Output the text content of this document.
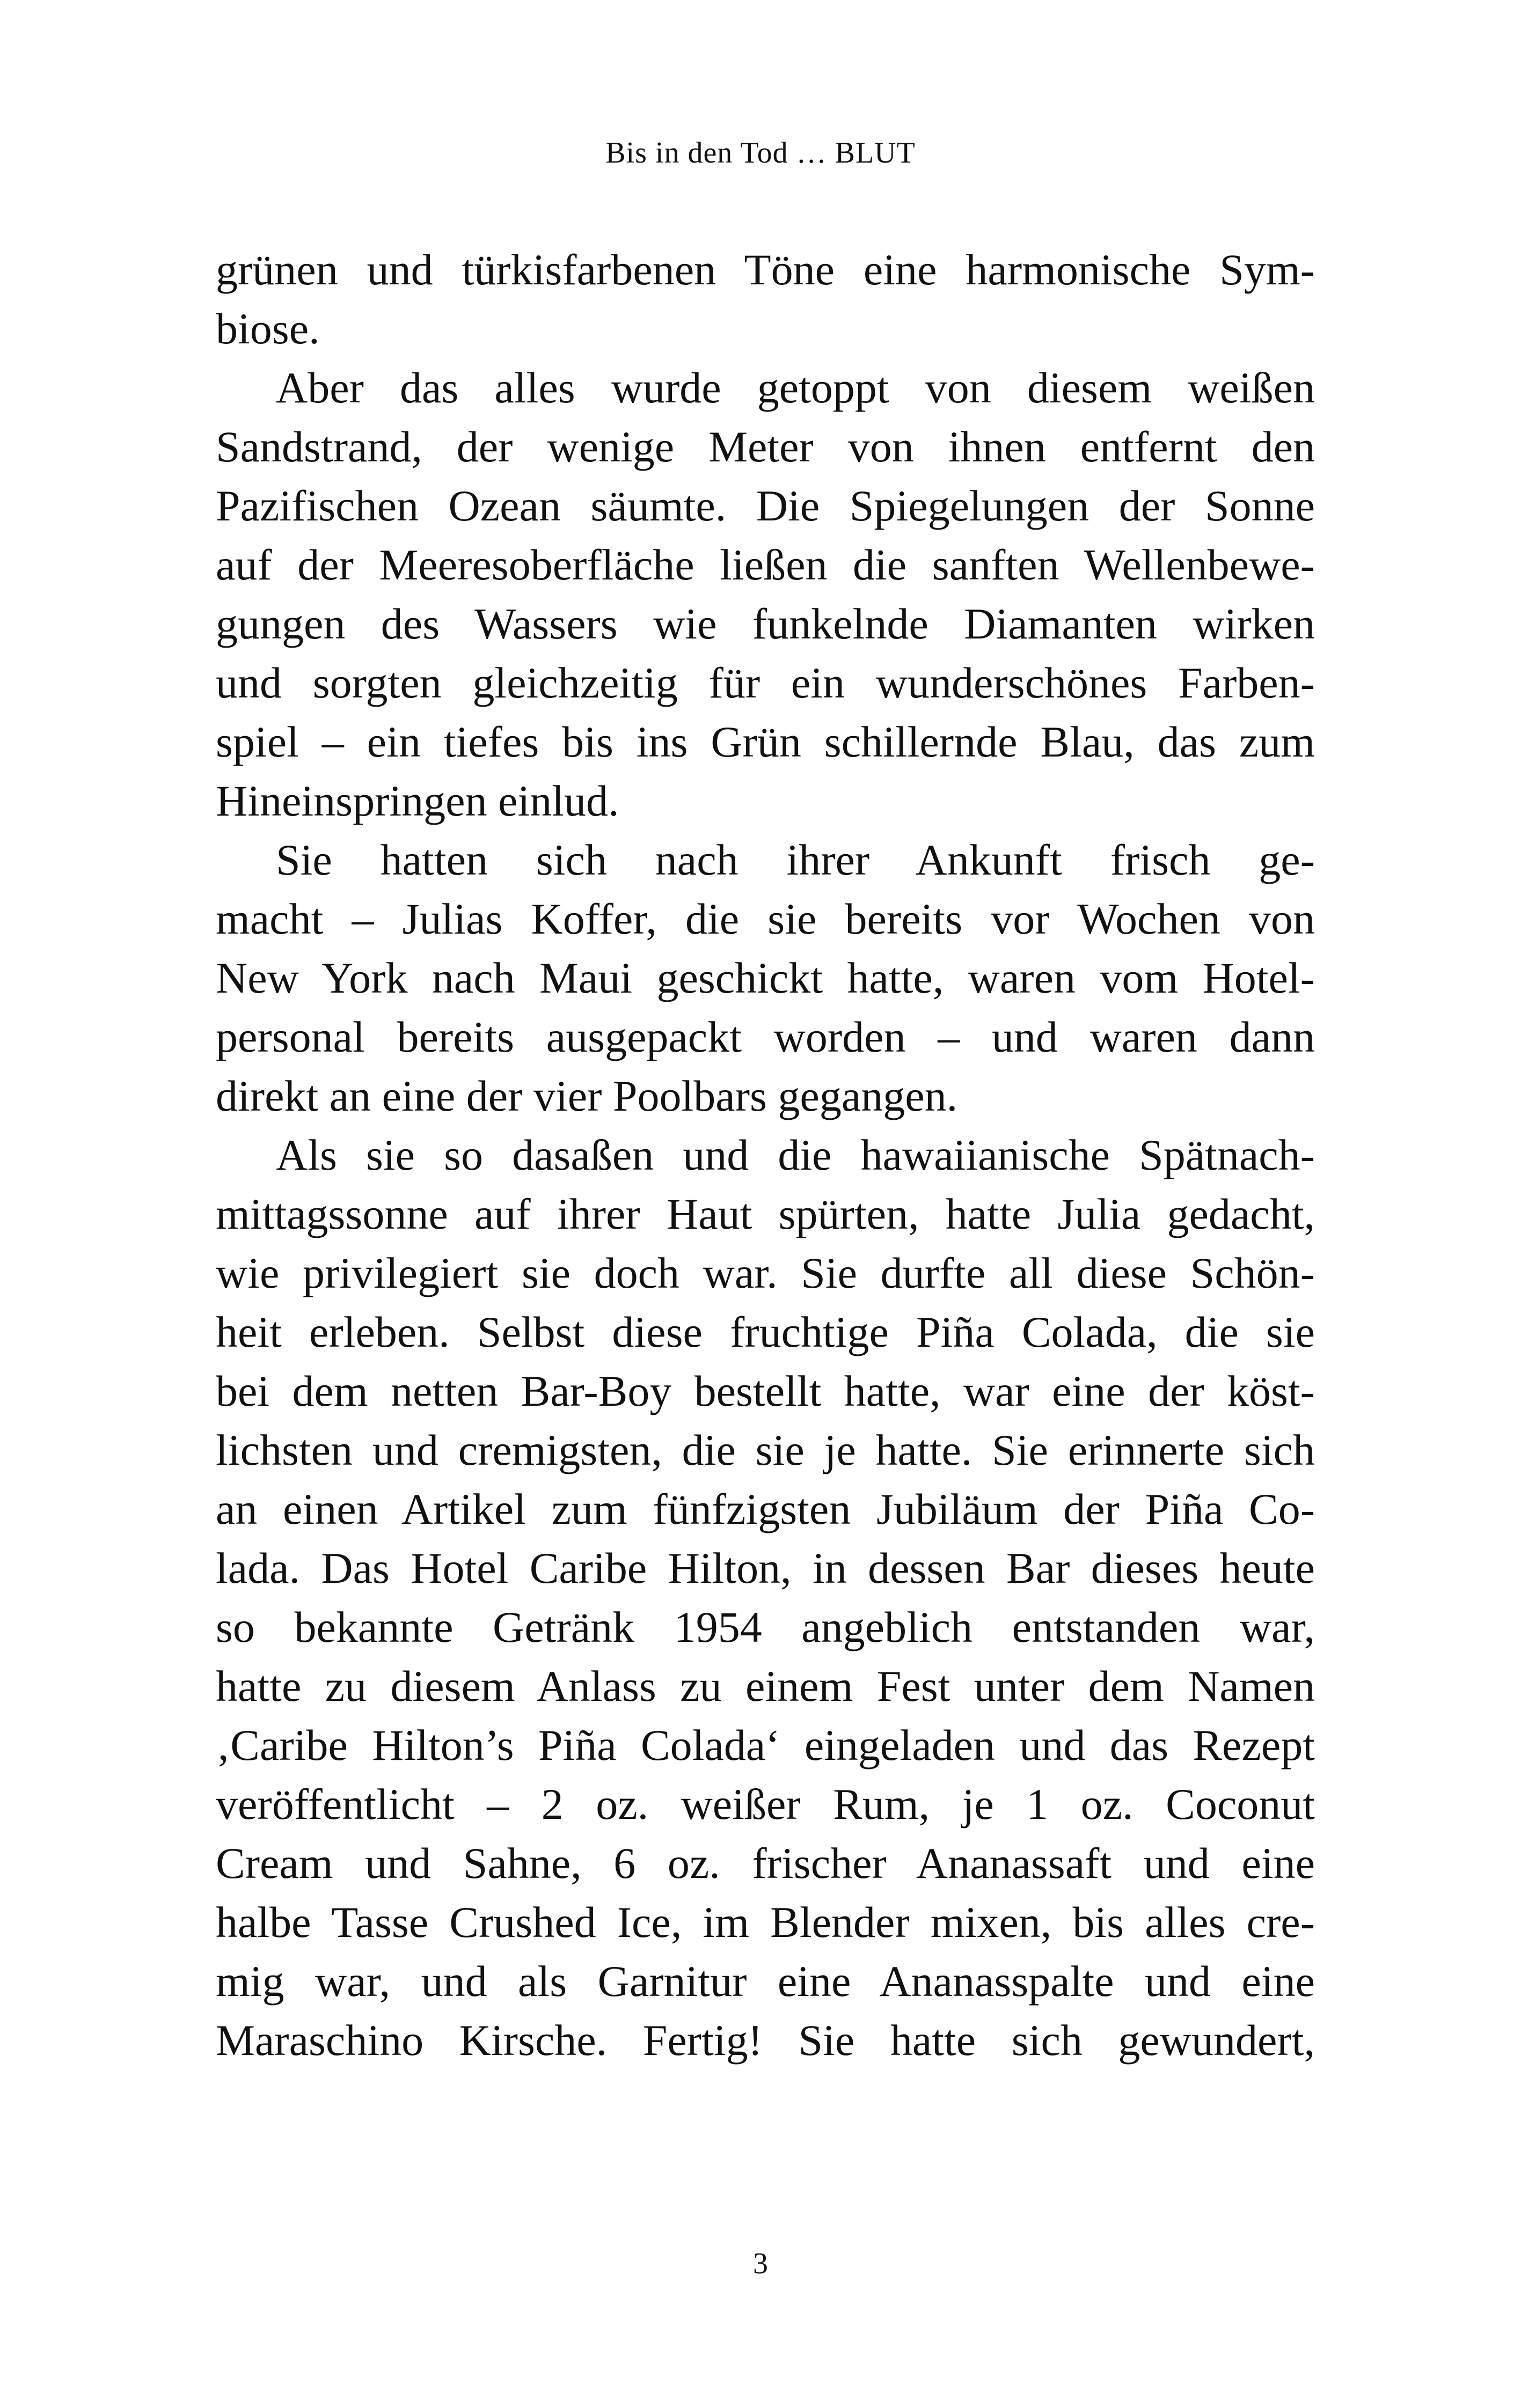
Bis in den Tod … BLUT
grünen und türkisfarbenen Töne eine harmonische Sym-
biose.
Aber das alles wurde getoppt von diesem weißen
Sandstrand, der wenige Meter von ihnen entfernt den
Pazifischen Ozean säumte. Die Spiegelungen der Sonne
auf der Meeresoberfläche ließen die sanften Wellenbewe-
gungen des Wassers wie funkelnde Diamanten wirken
und sorgten gleichzeitig für ein wunderschönes Farben-
spiel – ein tiefes bis ins Grün schillernde Blau, das zum
Hineinspringen einlud.
Sie hatten sich nach ihrer Ankunft frisch ge-
macht – Julias Koffer, die sie bereits vor Wochen von
New York nach Maui geschickt hatte, waren vom Hotel-
personal bereits ausgepackt worden – und waren dann
direkt an eine der vier Poolbars gegangen.
Als sie so dasaßen und die hawaiianische Spätnach-
mittagssonne auf ihrer Haut spürten, hatte Julia gedacht,
wie privilegiert sie doch war. Sie durfte all diese Schön-
heit erleben. Selbst diese fruchtige Piña Colada, die sie
bei dem netten Bar-Boy bestellt hatte, war eine der köst-
lichsten und cremigsten, die sie je hatte. Sie erinnerte sich
an einen Artikel zum fünfzigsten Jubiläum der Piña Co-
lada. Das Hotel Caribe Hilton, in dessen Bar dieses heute
so bekannte Getränk 1954 angeblich entstanden war,
hatte zu diesem Anlass zu einem Fest unter dem Namen
‚Caribe Hilton’s Piña Colada‘ eingeladen und das Rezept
veröffentlicht – 2 oz. weißer Rum, je 1 oz. Coconut
Cream und Sahne, 6 oz. frischer Ananassaft und eine
halbe Tasse Crushed Ice, im Blender mixen, bis alles cre-
mig war, und als Garnitur eine Ananasspalte und eine
Maraschino Kirsche. Fertig! Sie hatte sich gewundert,
3
